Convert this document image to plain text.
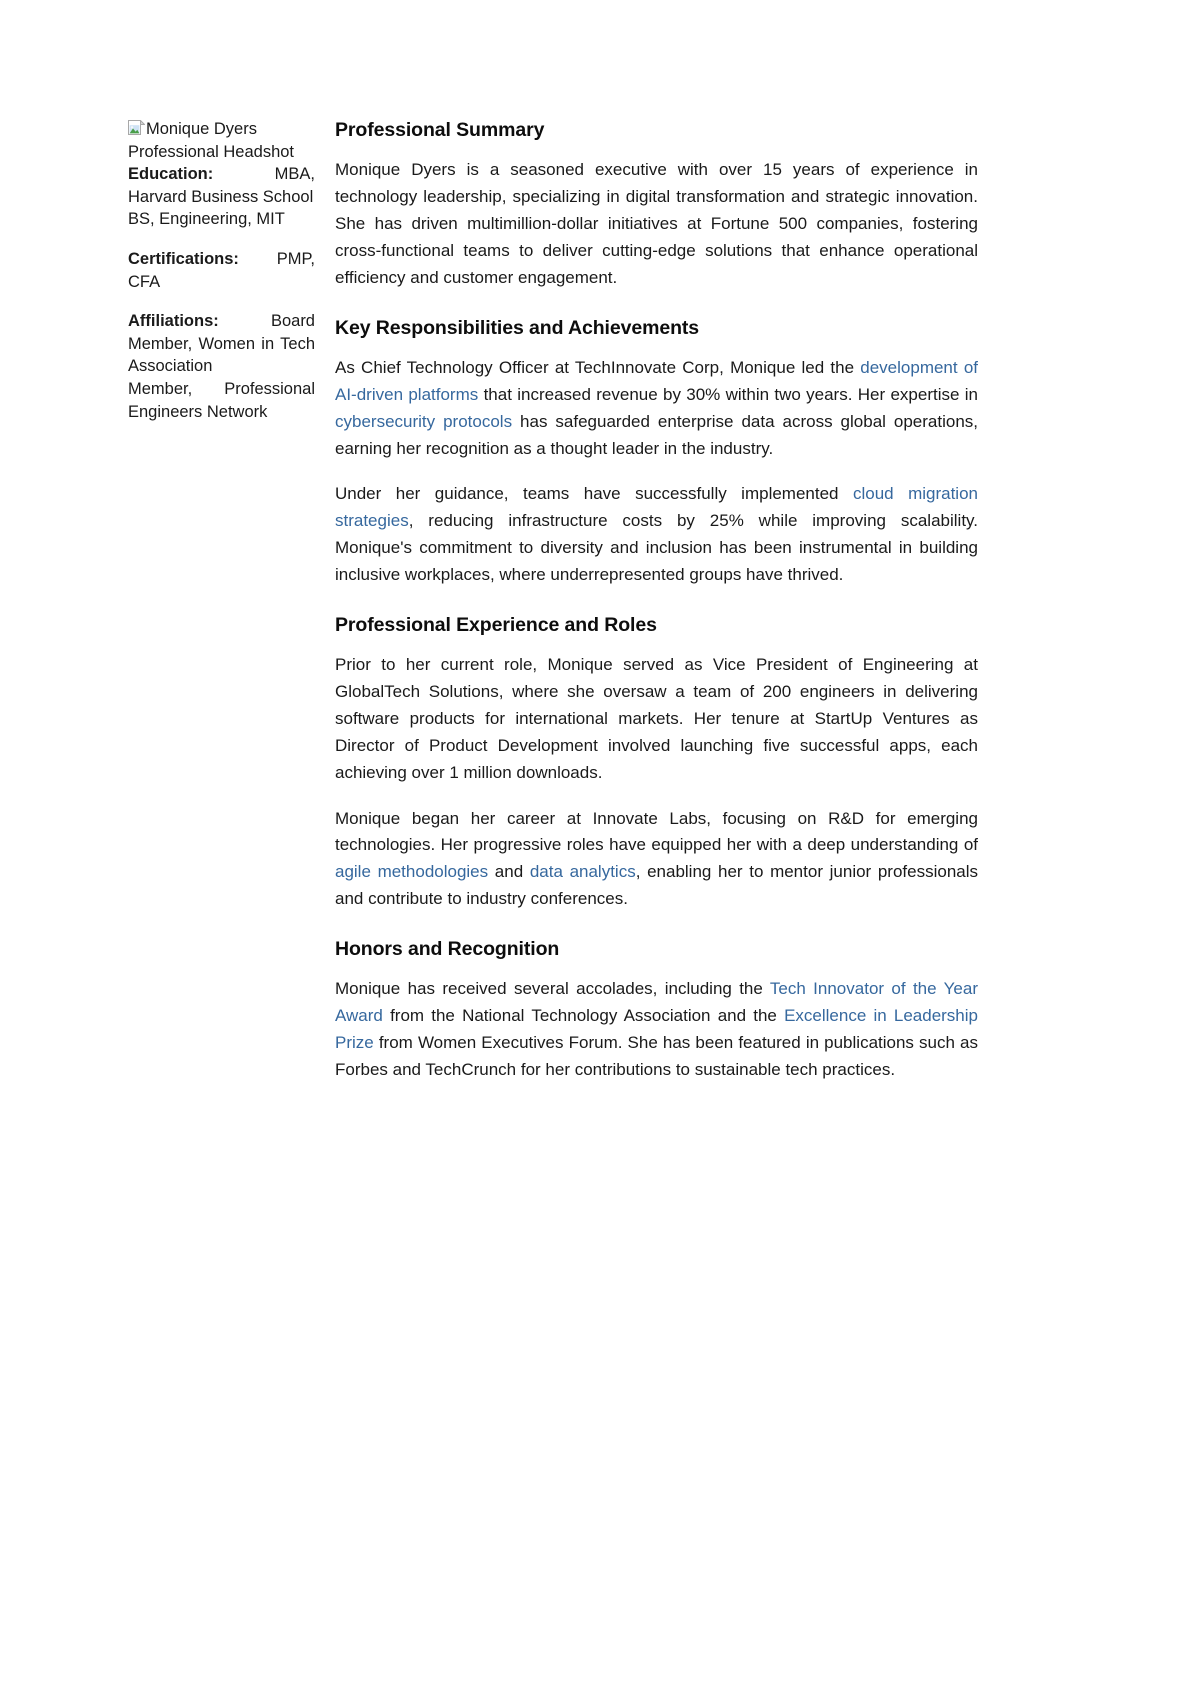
Monique Dyers Professional Headshot

Education: MBA, Harvard Business School

BS, Engineering, MIT

Certifications: PMP, CFA

Affiliations: Board Member, Women in Tech Association

Member, Professional Engineers Network

Professional Summary

Monique Dyers is a seasoned executive with over 15 years of experience in technology leadership, specializing in digital transformation and strategic innovation. She has driven multimillion-dollar initiatives at Fortune 500 companies, fostering cross-functional teams to deliver cutting-edge solutions that enhance operational efficiency and customer engagement.

Key Responsibilities and Achievements

As Chief Technology Officer at TechInnovate Corp, Monique led the development of AI-driven platforms that increased revenue by 30% within two years. Her expertise in cybersecurity protocols has safeguarded enterprise data across global operations, earning her recognition as a thought leader in the industry.

Under her guidance, teams have successfully implemented cloud migration strategies, reducing infrastructure costs by 25% while improving scalability. Monique's commitment to diversity and inclusion has been instrumental in building inclusive workplaces, where underrepresented groups have thrived.

Professional Experience and Roles

Prior to her current role, Monique served as Vice President of Engineering at GlobalTech Solutions, where she oversaw a team of 200 engineers in delivering software products for international markets. Her tenure at StartUp Ventures as Director of Product Development involved launching five successful apps, each achieving over 1 million downloads.

Monique began her career at Innovate Labs, focusing on R&D for emerging technologies. Her progressive roles have equipped her with a deep understanding of agile methodologies and data analytics, enabling her to mentor junior professionals and contribute to industry conferences.

Honors and Recognition

Monique has received several accolades, including the Tech Innovator of the Year Award from the National Technology Association and the Excellence in Leadership Prize from Women Executives Forum. She has been featured in publications such as Forbes and TechCrunch for her contributions to sustainable tech practices.
